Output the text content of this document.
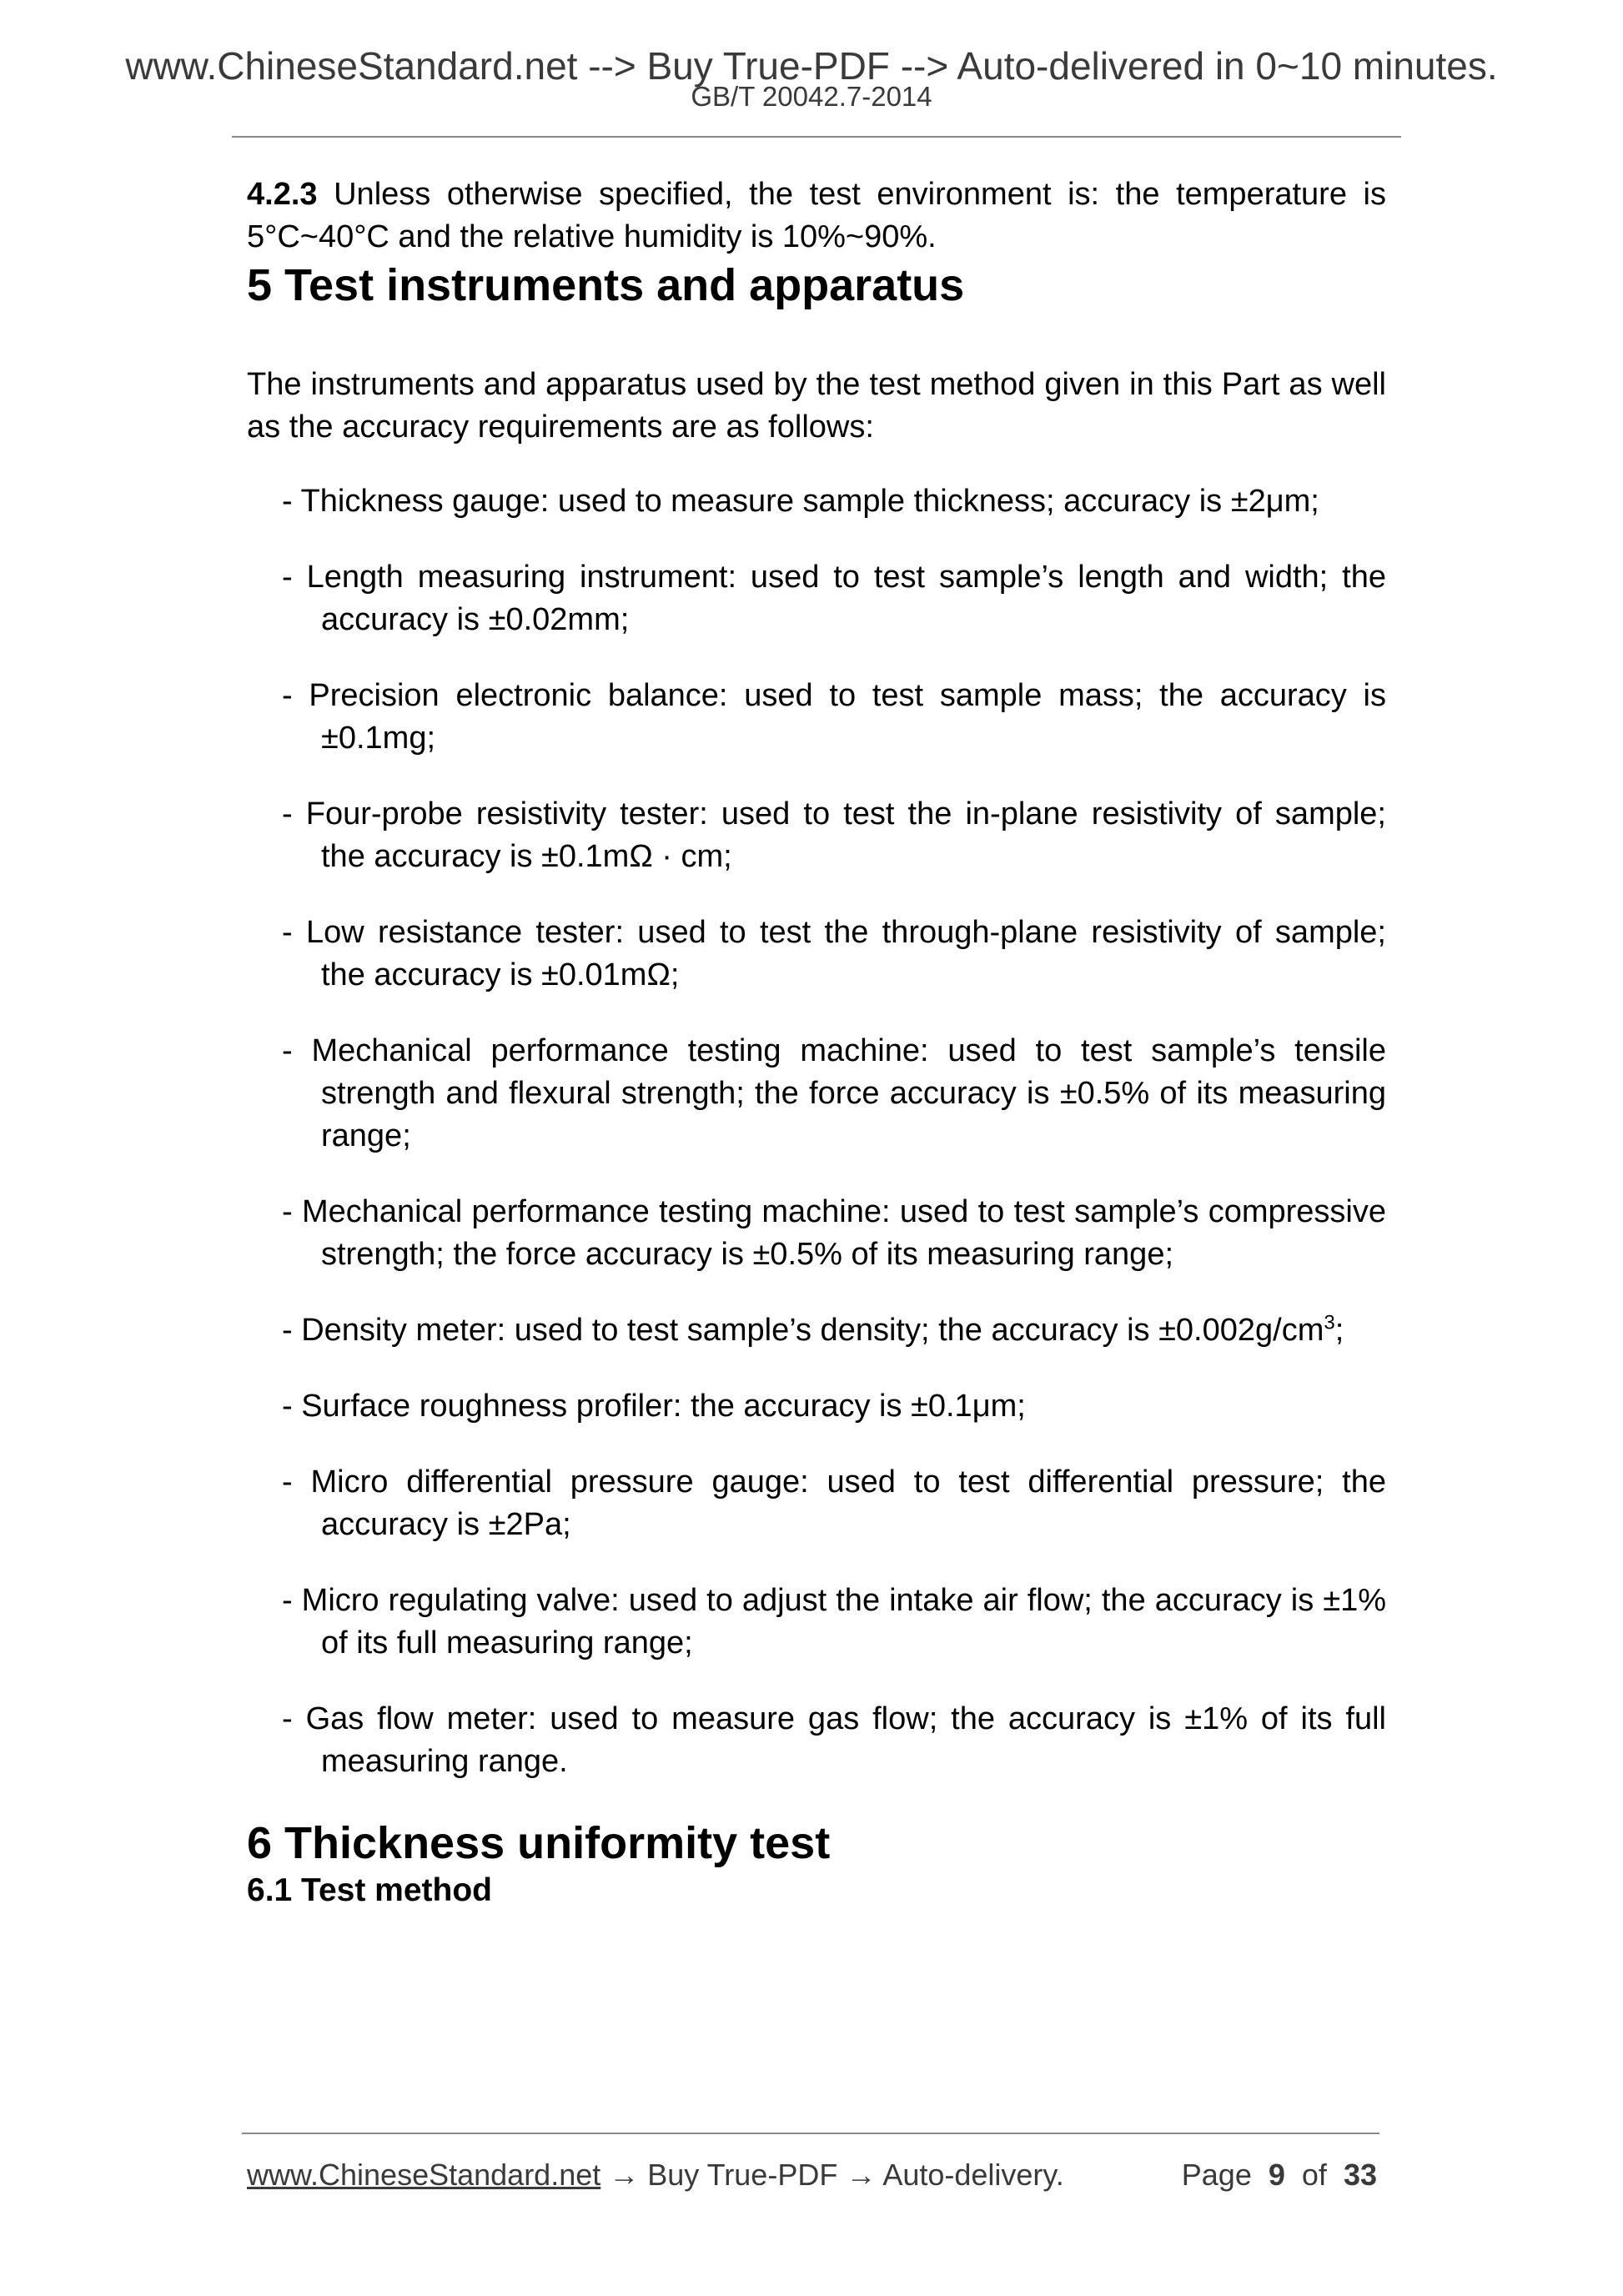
www.ChineseStandard.net --> Buy True-PDF --> Auto-delivered in 0~10 minutes.
GB/T 20042.7-2014

4.2.3 Unless otherwise specified, the test environment is: the temperature is 5°C~40°C and the relative humidity is 10%~90%.

5 Test instruments and apparatus

The instruments and apparatus used by the test method given in this Part as well as the accuracy requirements are as follows:

- Thickness gauge: used to measure sample thickness; accuracy is ±2μm;
- Length measuring instrument: used to test sample’s length and width; the accuracy is ±0.02mm;
- Precision electronic balance: used to test sample mass; the accuracy is ±0.1mg;
- Four-probe resistivity tester: used to test the in-plane resistivity of sample; the accuracy is ±0.1mΩ · cm;
- Low resistance tester: used to test the through-plane resistivity of sample; the accuracy is ±0.01mΩ;
- Mechanical performance testing machine: used to test sample’s tensile strength and flexural strength; the force accuracy is ±0.5% of its measuring range;
- Mechanical performance testing machine: used to test sample’s compressive strength; the force accuracy is ±0.5% of its measuring range;
- Density meter: used to test sample’s density; the accuracy is $\pm 0.002g/cm^3$;
- Surface roughness profiler: the accuracy is ±0.1μm;
- Micro differential pressure gauge: used to test differential pressure; the accuracy is ±2Pa;
- Micro regulating valve: used to adjust the intake air flow; the accuracy is ±1% of its full measuring range;
- Gas flow meter: used to measure gas flow; the accuracy is ±1% of its full measuring range.
6 Thickness uniformity test
6.1 Test method
www.ChineseStandard.net → Buy True-PDF → Auto-delivery.	Page 9 of 33
